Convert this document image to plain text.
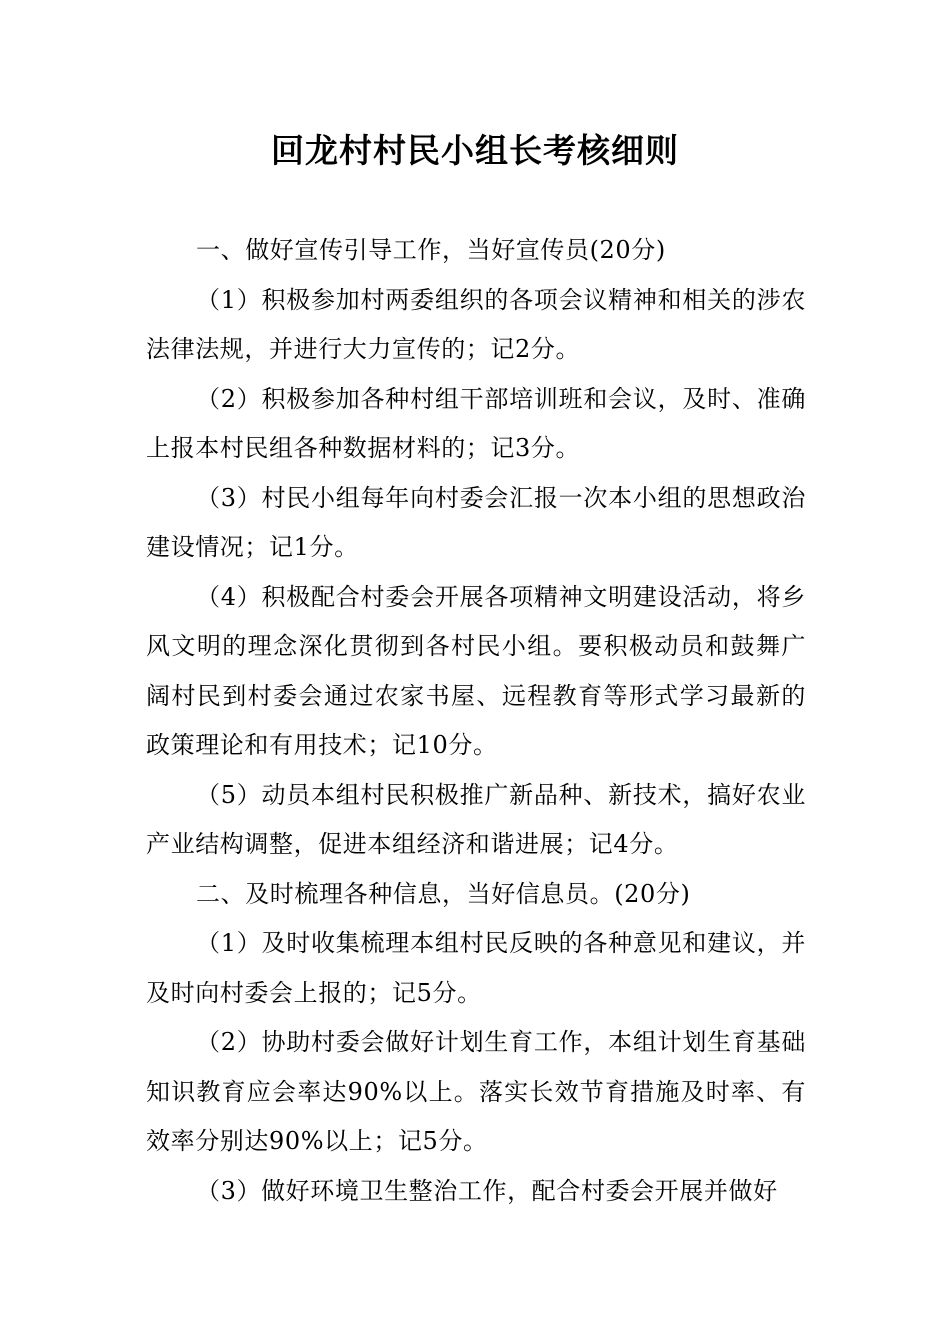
回龙村村民小组长考核细则

一、做好宣传引导工作，当好宣传员(20分)

（1）积极参加村两委组织的各项会议精神和相关的涉农法律法规，并进行大力宣传的；记2分。

（2）积极参加各种村组干部培训班和会议，及时、准确上报本村民组各种数据材料的；记3分。

（3）村民小组每年向村委会汇报一次本小组的思想政治建设情况；记1分。

（4）积极配合村委会开展各项精神文明建设活动，将乡风文明的理念深化贯彻到各村民小组。要积极动员和鼓舞广阔村民到村委会通过农家书屋、远程教育等形式学习最新的政策理论和有用技术；记10分。

（5）动员本组村民积极推广新品种、新技术，搞好农业产业结构调整，促进本组经济和谐进展；记4分。

二、及时梳理各种信息，当好信息员。(20分)

（1）及时收集梳理本组村民反映的各种意见和建议，并及时向村委会上报的；记5分。

（2）协助村委会做好计划生育工作，本组计划生育基础知识教育应会率达90%以上。落实长效节育措施及时率、有效率分别达90%以上；记5分。

（3）做好环境卫生整治工作，配合村委会开展并做好
